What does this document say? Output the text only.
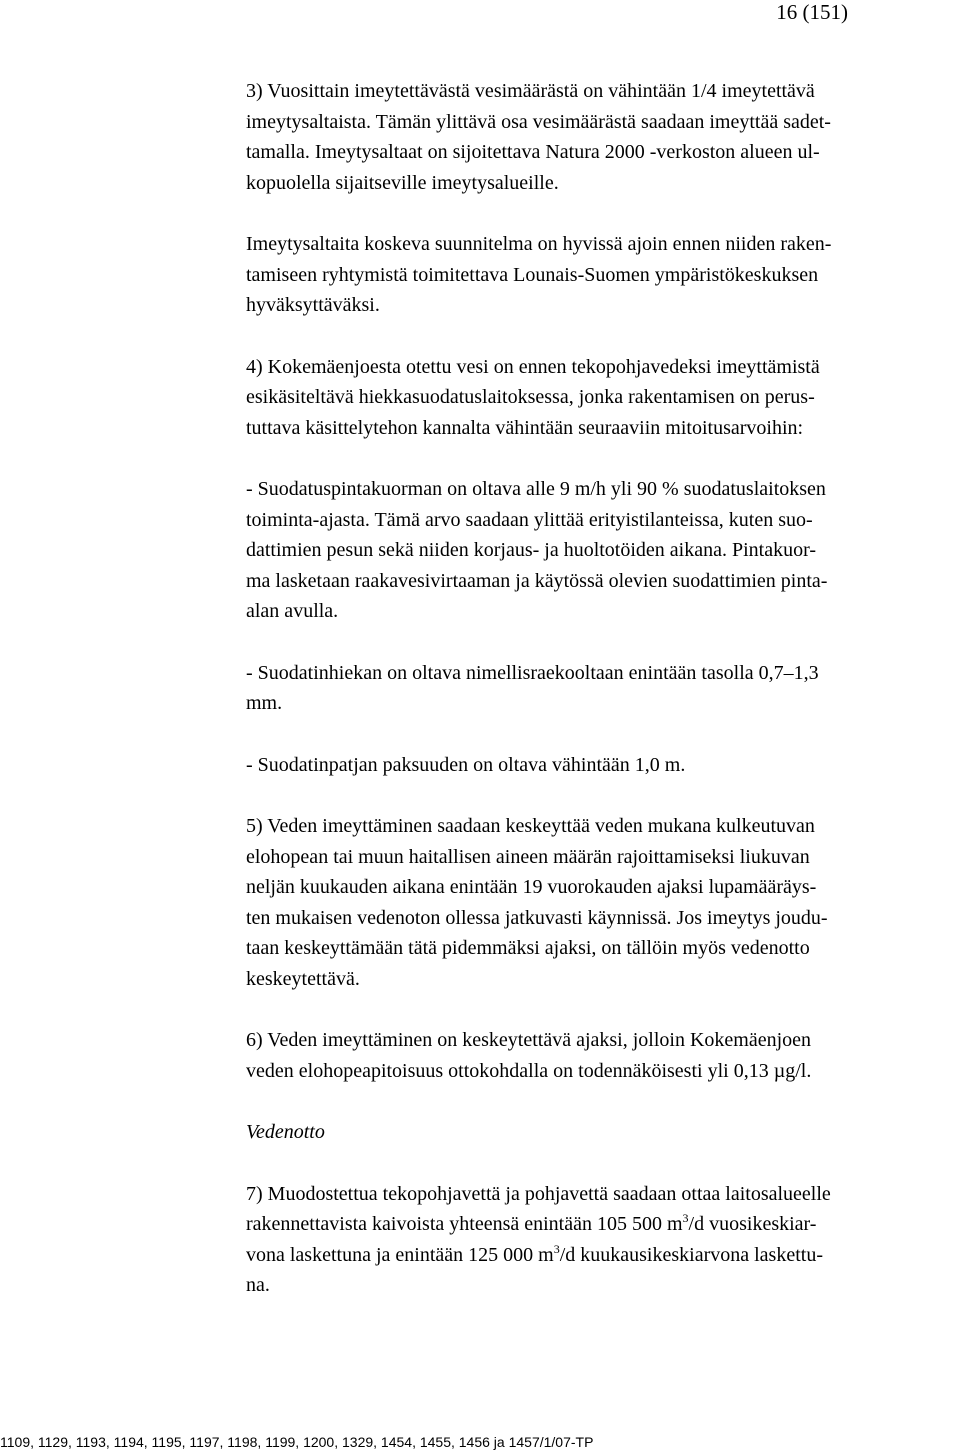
16 (151)
3) Vuosittain imeytettävästä vesimäärästä on vähintään 1/4 imeytettävä
imeytysaltaista. Tämän ylittävä osa vesimäärästä saadaan imeyttää sadet-
tamalla. Imeytysaltaat on sijoitettava Natura 2000 -verkoston alueen ul-
kopuolella sijaitseville imeytysalueille.
Imeytysaltaita koskeva suunnitelma on hyvissä ajoin ennen niiden raken-
tamiseen ryhtymistä toimitettava Lounais-Suomen ympäristökeskuksen
hyväksyttäväksi.
4) Kokemäenjoesta otettu vesi on ennen tekopohjavedeksi imeyttämistä
esikäsiteltävä hiekkasuodatuslaitoksessa, jonka rakentamisen on perus-
tuttava käsittelytehon kannalta vähintään seuraaviin mitoitusarvoihin:
- Suodatuspintakuorman on oltava alle 9 m/h yli 90 % suodatuslaitoksen
toiminta-ajasta. Tämä arvo saadaan ylittää erityistilanteissa, kuten suo-
dattimien pesun sekä niiden korjaus- ja huoltotöiden aikana. Pintakuor-
ma lasketaan raakavesivirtaaman ja käytössä olevien suodattimien pinta-
alan avulla.
- Suodatinhiekan on oltava nimellisraekooltaan enintään tasolla 0,7–1,3
mm.
- Suodatinpatjan paksuuden on oltava vähintään 1,0 m.
5) Veden imeyttäminen saadaan keskeyttää veden mukana kulkeutuvan
elohopean tai muun haitallisen aineen määrän rajoittamiseksi liukuvan
neljän kuukauden aikana enintään 19 vuorokauden ajaksi lupamääräys-
ten mukaisen vedenoton ollessa jatkuvasti käynnissä. Jos imeytys joudu-
taan keskeyttämään tätä pidemmäksi ajaksi, on tällöin myös vedenotto
keskeytettävä.
6) Veden imeyttäminen on keskeytettävä ajaksi, jolloin Kokemäenjoen
veden elohopeapitoisuus ottokohdalla on todennäköisesti yli 0,13 µg/l.
Vedenotto
7) Muodostettua tekopohjavettä ja pohjavettä saadaan ottaa laitosalueelle
rakennettavista kaivoista yhteensä enintään 105 500 $m^3/d$ vuosikeskiar-
vona laskettuna ja enintään 125 000 $m^3/d$ kuukausikeskiarvona laskettu-
na.
1109, 1129, 1193, 1194, 1195, 1197, 1198, 1199, 1200, 1329, 1454, 1455, 1456 ja 1457/1/07-TP
